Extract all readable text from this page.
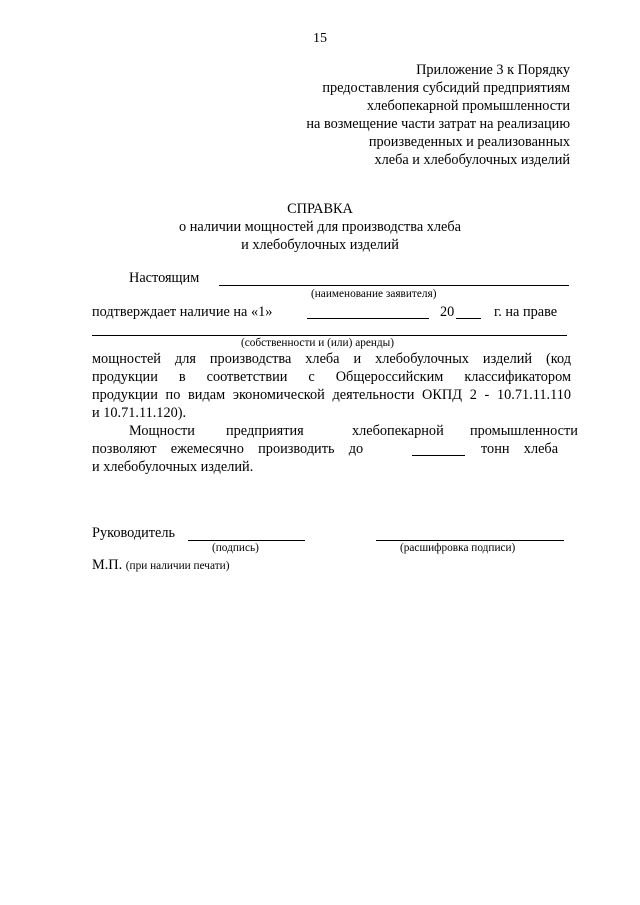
15
Приложение 3 к Порядку
предоставления субсидий предприятиям
хлебопекарной промышленности
на возмещение части затрат на реализацию
произведенных и реализованных
хлеба и хлебобулочных изделий
СПРАВКА
о наличии мощностей для производства хлеба
и хлебобулочных изделий
Настоящим
(наименование заявителя)
подтверждает наличие на «1»	20	г. на праве
(собственности и (или) аренды)
мощностей для производства хлеба и хлебобулочных изделий (код
продукции в соответствии с Общероссийским классификатором
продукции по видам экономической деятельности ОКПД 2 - 10.71.11.110
и 10.71.11.120).
Мощности предприятия	хлебопекарной промышленности
позволяют    ежемесячно    производить    до	тонн    хлеба
и хлебобулочных изделий.
Руководитель
(подпись)	(расшифровка подписи)
М.П. (при наличии печати)
